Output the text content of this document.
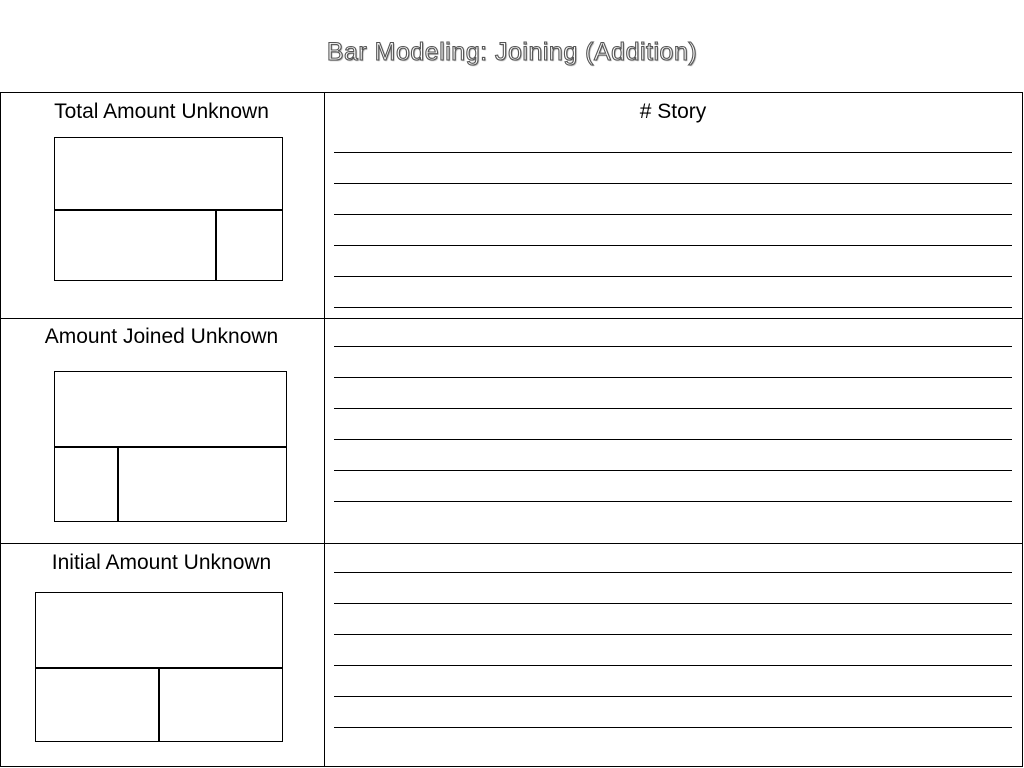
Bar Modeling: Joining (Addition)
Total Amount Unknown	# Story
Amount Joined Unknown
Initial Amount Unknown
